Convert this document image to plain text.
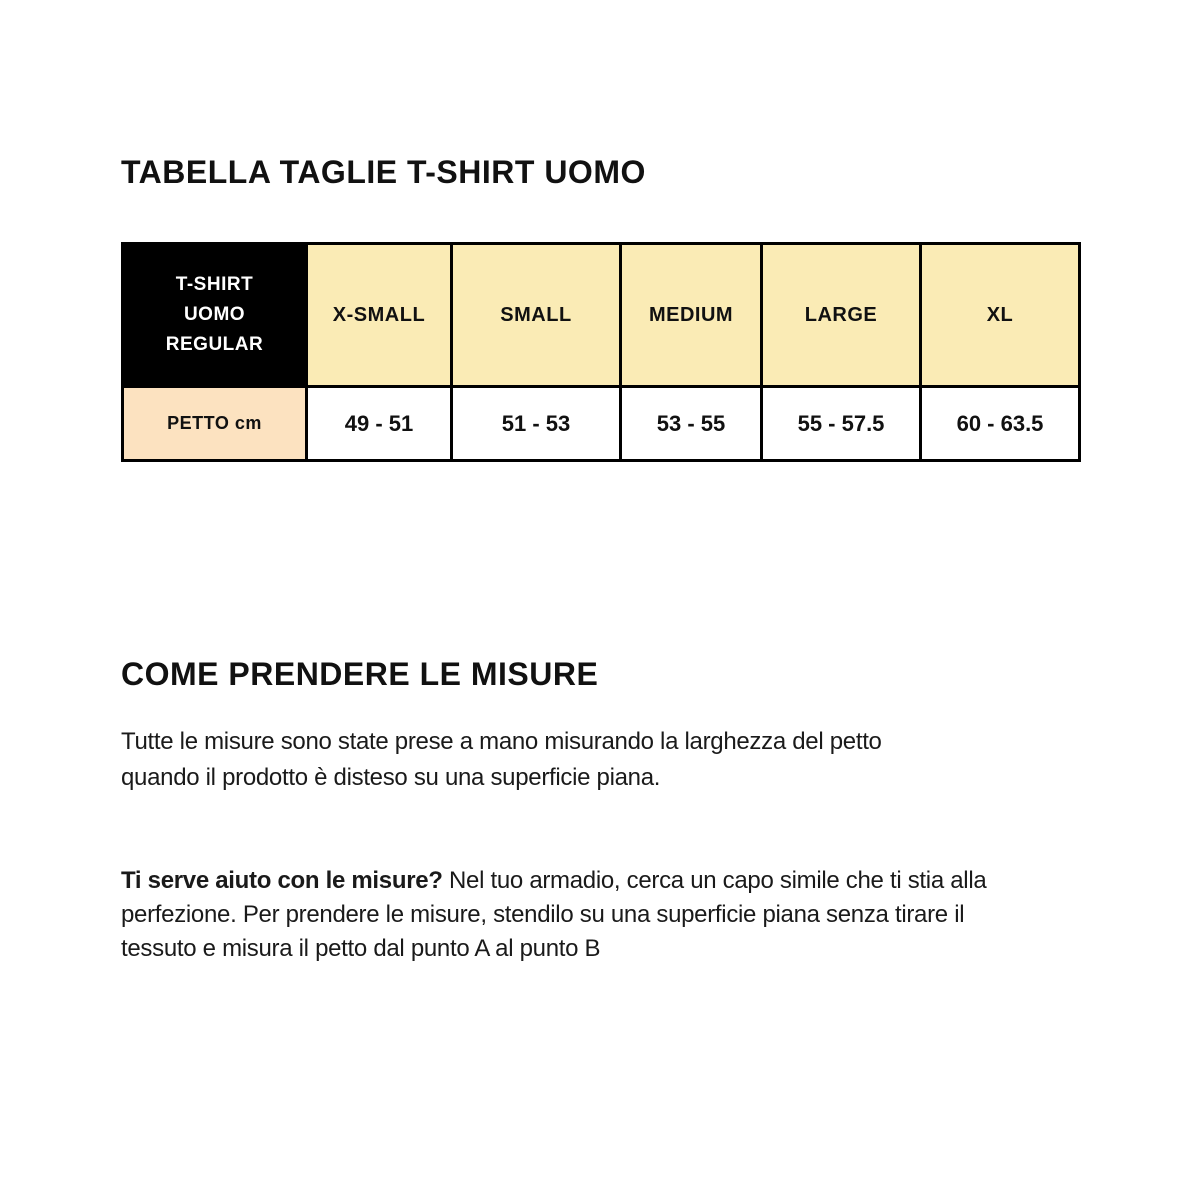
TABELLA TAGLIE T-SHIRT UOMO
T-SHIRT
UOMO
REGULAR	X-SMALL	SMALL	MEDIUM	LARGE	XL
PETTO cm	49 - 51	51 - 53	53 - 55	55 - 57.5	60 - 63.5
COME PRENDERE LE MISURE

Tutte le misure sono state prese a mano misurando la larghezza del petto
quando il prodotto è disteso su una superficie piana.

Ti serve aiuto con le misure? Nel tuo armadio, cerca un capo simile che ti stia alla
perfezione. Per prendere le misure, stendilo su una superficie piana senza tirare il
tessuto e misura il petto dal punto A al punto B
